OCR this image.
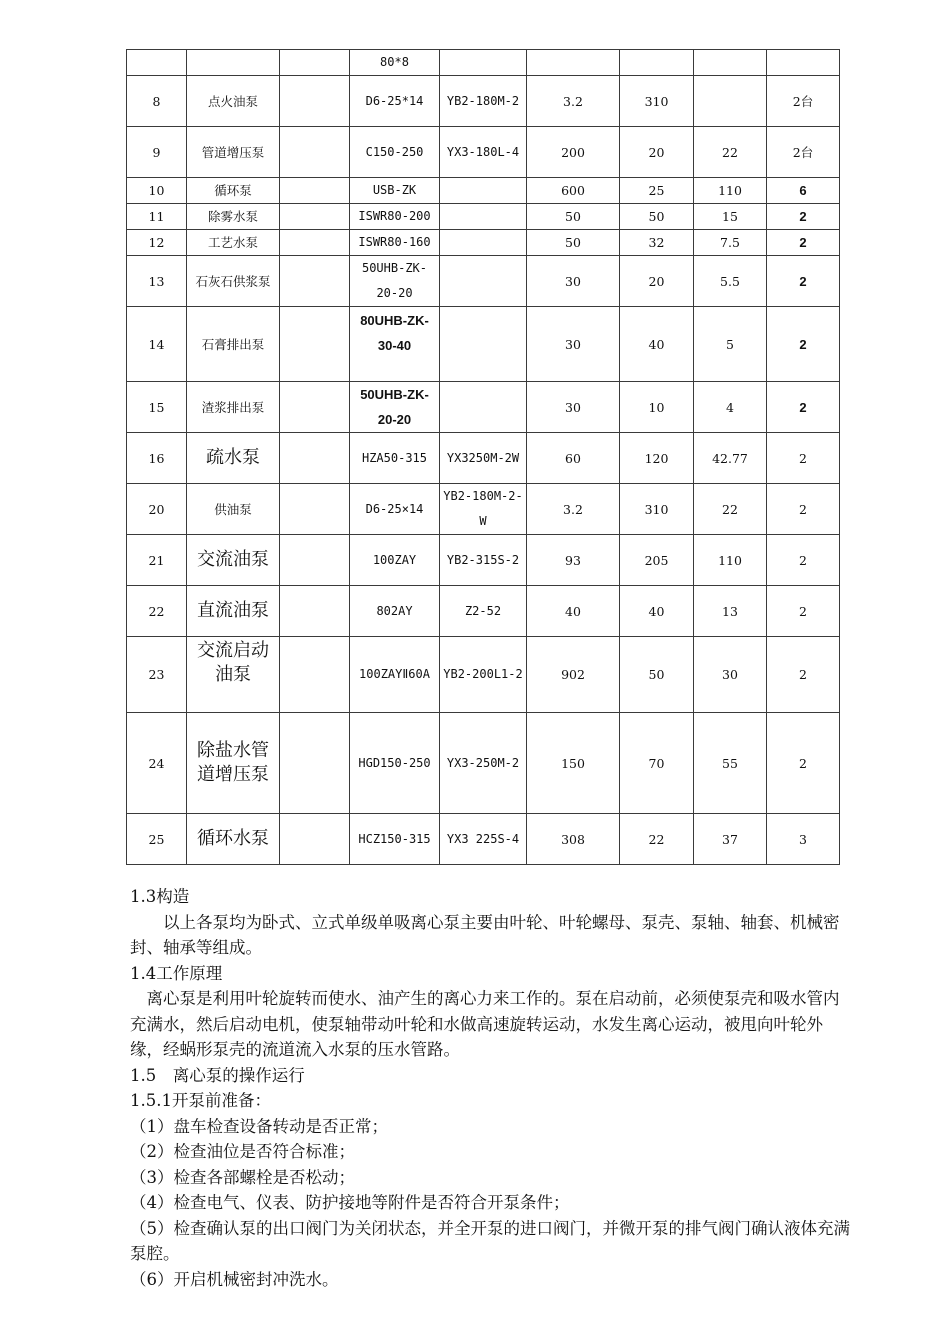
			80*8					
8	点火油泵		D6-25*14	YB2-180M-2	3.2	310		2台
9	管道增压泵		C150-250	YX3-180L-4	200	20	22	2台
10	循环泵		USB-ZK		600	25	110	6
11	除雾水泵		ISWR80-200		50	50	15	2
12	工艺水泵		ISWR80-160		50	32	7.5	2
13	石灰石供浆泵		50UHB-ZK-20-20		30	20	5.5	2
14	石膏排出泵		80UHB-ZK-30-40		30	40	5	2
15	渣浆排出泵		50UHB-ZK-20-20		30	10	4	2
16	疏水泵		HZA50-315	YX3250M-2W	60	120	42.77	2
20	供油泵		D6-25×14	YB2-180M-2-W	3.2	310	22	2
21	交流油泵		100ZAY	YB2-315S-2	93	205	110	2
22	直流油泵		802AY	Z2-52	40	40	13	2
23	交流启动油泵		100ZAYⅡ60A	YB2-200L1-2	902	50	30	2
24	除盐水管道增压泵		HGD150-250	YX3-250M-2	150	70	55	2
25	循环水泵		HCZ150-315	YX3 225S-4	308	22	37	3

1.3构造

以上各泵均为卧式、立式单级单吸离心泵主要由叶轮、叶轮螺母、泵壳、泵轴、轴套、机械密封、轴承等组成。

1.4工作原理

离心泵是利用叶轮旋转而使水、油产生的离心力来工作的。泵在启动前，必须使泵壳和吸水管内充满水，然后启动电机，使泵轴带动叶轮和水做高速旋转运动，水发生离心运动，被甩向叶轮外缘，经蜗形泵壳的流道流入水泵的压水管路。

1.5　离心泵的操作运行

1.5.1开泵前准备：

（1）盘车检查设备转动是否正常；

（2）检查油位是否符合标准；

（3）检查各部螺栓是否松动；

（4）检查电气、仪表、防护接地等附件是否符合开泵条件；

（5）检查确认泵的出口阀门为关闭状态，并全开泵的进口阀门，并微开泵的排气阀门确认液体充满泵腔。

（6）开启机械密封冲洗水。
